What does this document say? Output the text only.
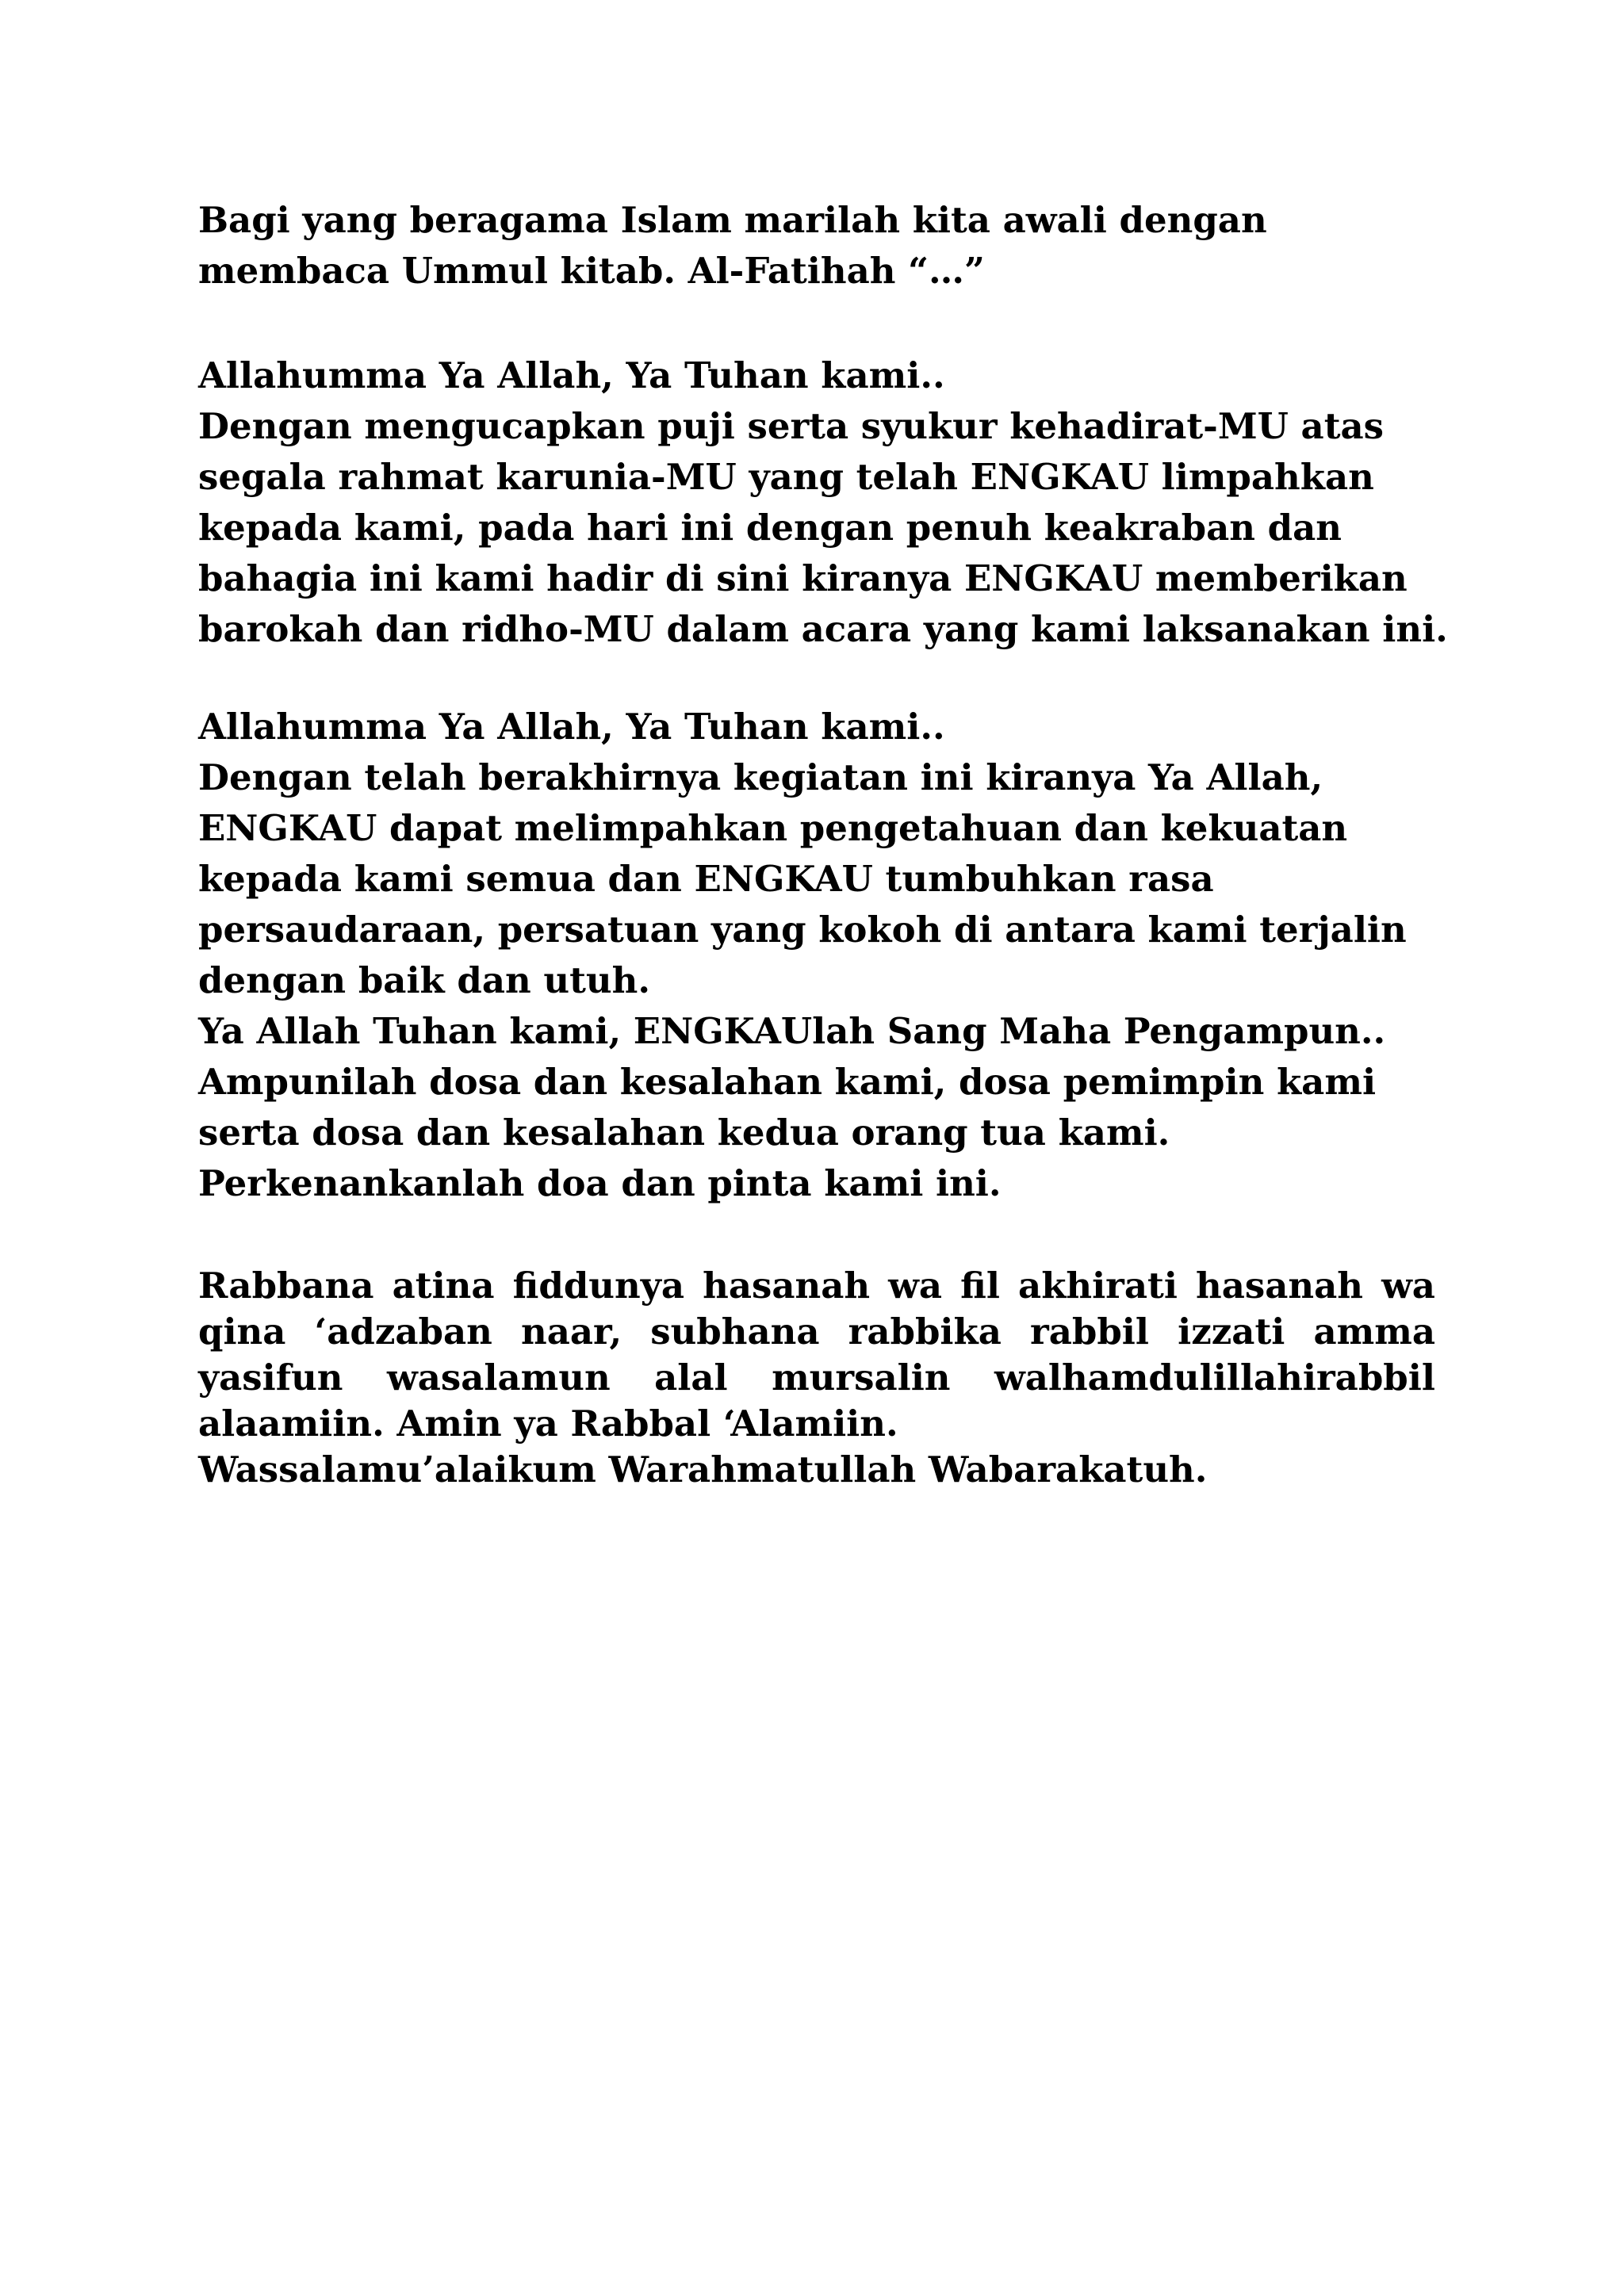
Bagi yang beragama Islam marilah kita awali dengan
membaca Ummul kitab. Al-Fatihah “…”
Allahumma Ya Allah, Ya Tuhan kami..
Dengan mengucapkan puji serta syukur kehadirat-MU atas
segala rahmat karunia-MU yang telah ENGKAU limpahkan
kepada kami, pada hari ini dengan penuh keakraban dan
bahagia ini kami hadir di sini kiranya ENGKAU memberikan
barokah dan ridho-MU dalam acara yang kami laksanakan ini.
Allahumma Ya Allah, Ya Tuhan kami..
Dengan telah berakhirnya kegiatan ini kiranya Ya Allah,
ENGKAU dapat melimpahkan pengetahuan dan kekuatan
kepada kami semua dan ENGKAU tumbuhkan rasa
persaudaraan, persatuan yang kokoh di antara kami terjalin
dengan baik dan utuh.
Ya Allah Tuhan kami, ENGKAUlah Sang Maha Pengampun..
Ampunilah dosa dan kesalahan kami, dosa pemimpin kami
serta dosa dan kesalahan kedua orang tua kami.
Perkenankanlah doa dan pinta kami ini.
Rabbana atina fiddunya hasanah wa fil akhirati hasanah wa
qina ‘adzaban naar, subhana rabbika rabbil izzati amma
yasifun wasalamun alal mursalin walhamdulillahirabbil
alaamiin. Amin ya Rabbal ‘Alamiin.
Wassalamu’alaikum Warahmatullah Wabarakatuh.
